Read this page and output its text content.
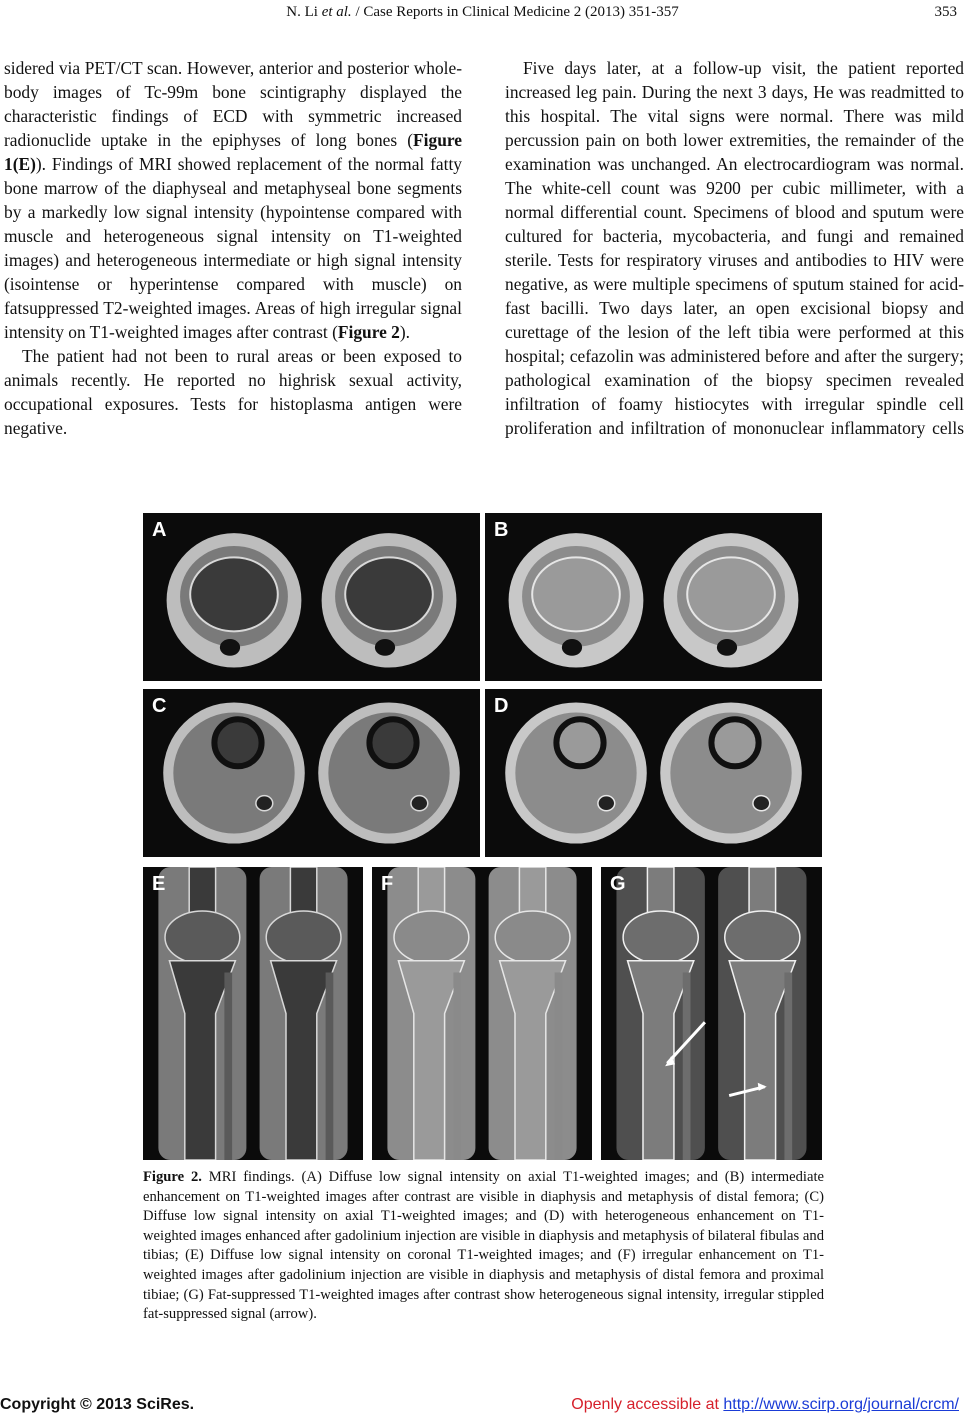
N. Li et al. / Case Reports in Clinical Medicine 2 (2013) 351-357	353

sidered via PET/CT scan. However, anterior and posterior whole-body images of Tc-99m bone scintigraphy displayed the characteristic findings of ECD with symmetric increased radionuclide uptake in the epiphyses of long bones (Figure 1(E)). Findings of MRI showed replacement of the normal fatty bone marrow of the diaphyseal and metaphyseal bone segments by a markedly low signal intensity (hypointense compared with muscle and heterogeneous signal intensity on T1-weighted images) and heterogeneous intermediate or high signal intensity (isointense or hyperintense compared with muscle) on fatsuppressed T2-weighted images. Areas of high irregular signal intensity on T1-weighted images after contrast (Figure 2).

The patient had not been to rural areas or been exposed to animals recently. He reported no highrisk sexual activity, occupational exposures. Tests for histoplasma antigen were negative.

Five days later, at a follow-up visit, the patient reported increased leg pain. During the next 3 days, He was readmitted to this hospital. The vital signs were normal. There was mild percussion pain on both lower extremities, the remainder of the examination was unchanged. An electrocardiogram was normal. The white-cell count was 9200 per cubic millimeter, with a normal differential count. Specimens of blood and sputum were cultured for bacteria, mycobacteria, and fungi and remained sterile. Tests for respiratory viruses and antibodies to HIV were negative, as were multiple specimens of sputum stained for acid-fast bacilli. Two days later, an open excisional biopsy and curettage of the lesion of the left tibia were performed at this hospital; cefazolin was administered before and after the surgery; pathological examination of the biopsy specimen revealed infiltration of foamy histiocytes with irregular spindle cell proliferation and infiltration of mononuclear inflammatory cells

A	B
C	D
E	F	G
Figure 2. MRI findings. (A) Diffuse low signal intensity on axial T1-weighted images; and (B) intermediate enhancement on T1-weighted images after contrast are visible in diaphysis and metaphysis of distal femora; (C) Diffuse low signal intensity on axial T1-weighted images; and (D) with heterogeneous enhancement on T1-weighted images enhanced after gadolinium injection are visible in diaphysis and metaphysis of bilateral fibulas and tibias; (E) Diffuse low signal intensity on coronal T1-weighted images; and (F) irregular enhancement on T1-weighted images after gadolinium injection are visible in diaphysis and metaphysis of distal femora and proximal tibiae; (G) Fat-suppressed T1-weighted images after contrast show heterogeneous signal intensity, irregular stippled fat-suppressed signal (arrow).
Copyright © 2013 SciRes.	Openly accessible at http://www.scirp.org/journal/crcm/
